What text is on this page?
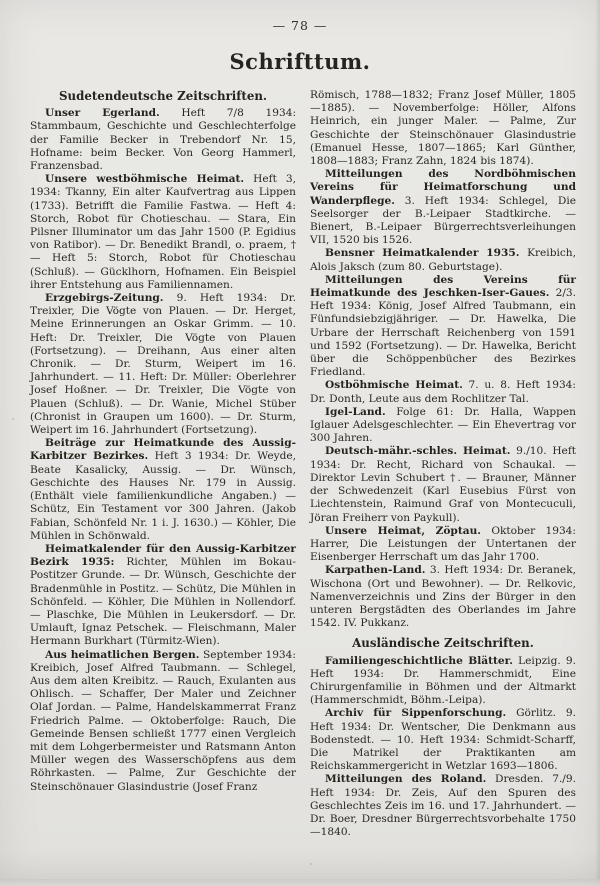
— 78 —
Schrifttum.

Sudetendeutsche Zeitschriften.

Unser Egerland. Heft 7/8 1934: Stammbaum, Geschichte und Geschlechterfolge der Familie Becker in Trebendorf Nr. 15, Hofname: beim Becker. Von Georg Hammerl, Franzensbad.

Unsere westböhmische Heimat. Heft 3, 1934: Tkanny, Ein alter Kaufvertrag aus Lippen (1733). Betrifft die Familie Fastwa. — Heft 4: Storch, Robot für Chotieschau. — Stara, Ein Pilsner Illuminator um das Jahr 1500 (P. Egidius von Ratibor). — Dr. Benedikt Brandl, o. praem, † — Heft 5: Storch, Robot für Chotieschau (Schluß). — Gücklhorn, Hofnamen. Ein Beispiel ihrer Entstehung aus Familiennamen.

Erzgebirgs-Zeitung. 9. Heft 1934: Dr. Treixler, Die Vögte von Plauen. — Dr. Herget, Meine Erinnerungen an Oskar Grimm. — 10. Heft: Dr. Treixler, Die Vögte von Plauen (Fortsetzung). — Dreihann, Aus einer alten Chronik. — Dr. Sturm, Weipert im 16. Jahrhundert. — 11. Heft: Dr. Müller: Oberlehrer Josef Hoßner. — Dr. Treixler, Die Vögte von Plauen (Schluß). — Dr. Wanie, Michel Stüber (Chronist in Graupen um 1600). — Dr. Sturm, Weipert im 16. Jahrhundert (Fortsetzung).

Beiträge zur Heimatkunde des Aussig-Karbitzer Bezirkes. Heft 3 1934: Dr. Weyde, Beate Kasalicky, Aussig. — Dr. Wünsch, Geschichte des Hauses Nr. 179 in Aussig. (Enthält viele familienkundliche Angaben.) — Schütz, Ein Testament vor 300 Jahren. (Jakob Fabian, Schönfeld Nr. 1 i. J. 1630.) — Köhler, Die Mühlen in Schönwald.

Heimatkalender für den Aussig-Karbitzer Bezirk 1935: Richter, Mühlen im Bokau-Postitzer Grunde. — Dr. Wünsch, Geschichte der Bradenmühle in Postitz. — Schütz, Die Mühlen in Schönfeld. — Köhler, Die Mühlen in Nollendorf. — Plaschke, Die Mühlen in Leukersdorf. — Dr. Umlauft, Ignaz Petschek. — Fleischmann, Maler Hermann Burkhart (Türmitz-Wien).

Aus heimatlichen Bergen. September 1934: Kreibich, Josef Alfred Taubmann. — Schlegel, Aus dem alten Kreibitz. — Rauch, Exulanten aus Ohlisch. — Schaffer, Der Maler und Zeichner Olaf Jordan. — Palme, Handelskammerrat Franz Friedrich Palme. — Oktoberfolge: Rauch, Die Gemeinde Bensen schließt 1777 einen Vergleich mit dem Lohgerbermeister und Ratsmann Anton Müller wegen des Wasserschöpfens aus dem Röhrkasten. — Palme, Zur Geschichte der Steinschönauer Glasindustrie (Josef Franz

Römisch, 1788—1832; Franz Josef Müller, 1805—1885). — Novemberfolge: Höller, Alfons Heinrich, ein junger Maler. — Palme, Zur Geschichte der Steinschönauer Glasindustrie (Emanuel Hesse, 1807—1865; Karl Günther, 1808—1883; Franz Zahn, 1824 bis 1874).

Mitteilungen des Nordböhmischen Vereins für Heimatforschung und Wanderpflege. 3. Heft 1934: Schlegel, Die Seelsorger der B.-Leipaer Stadtkirche. — Bienert, B.-Leipaer Bürgerrechtsverleihungen VII, 1520 bis 1526.

Bensner Heimatkalender 1935. Kreibich, Alois Jaksch (zum 80. Geburtstage).

Mitteilungen des Vereins für Heimatkunde des Jeschken-Iser-Gaues. 2/3. Heft 1934: König, Josef Alfred Taubmann, ein Fünfundsiebzigjähriger. — Dr. Hawelka, Die Urbare der Herrschaft Reichenberg von 1591 und 1592 (Fortsetzung). — Dr. Hawelka, Bericht über die Schöppenbücher des Bezirkes Friedland.

Ostböhmische Heimat. 7. u. 8. Heft 1934: Dr. Donth, Leute aus dem Rochlitzer Tal.

Igel-Land. Folge 61: Dr. Halla, Wappen Iglauer Adelsgeschlechter. — Ein Ehevertrag vor 300 Jahren.

Deutsch-mähr.-schles. Heimat. 9./10. Heft 1934: Dr. Recht, Richard von Schaukal. — Direktor Levin Schubert †. — Brauner, Männer der Schwedenzeit (Karl Eusebius Fürst von Liechtenstein, Raimund Graf von Montecuculi, Jöran Freiherr von Paykull).

Unsere Heimat, Zöptau. Oktober 1934: Harrer, Die Leistungen der Untertanen der Eisenberger Herrschaft um das Jahr 1700.

Karpathen-Land. 3. Heft 1934: Dr. Beranek, Wischona (Ort und Bewohner). — Dr. Relkovic, Namenverzeichnis und Zins der Bürger in den unteren Bergstädten des Oberlandes im Jahre 1542. IV. Pukkanz.

Ausländische Zeitschriften.

Familiengeschichtliche Blätter. Leipzig. 9. Heft 1934: Dr. Hammerschmidt, Eine Chirurgenfamilie in Böhmen und der Altmarkt (Hammerschmidt, Böhm.-Leipa).

Archiv für Sippenforschung. Görlitz. 9. Heft 1934: Dr. Wentscher, Die Denkmann aus Bodenstedt. — 10. Heft 1934: Schmidt-Scharff, Die Matrikel der Praktikanten am Reichskammergericht in Wetzlar 1693—1806.

Mitteilungen des Roland. Dresden. 7./9. Heft 1934: Dr. Zeis, Auf den Spuren des Geschlechtes Zeis im 16. und 17. Jahrhundert. — Dr. Boer, Dresdner Bürgerrechtsvorbehalte 1750—1840.
